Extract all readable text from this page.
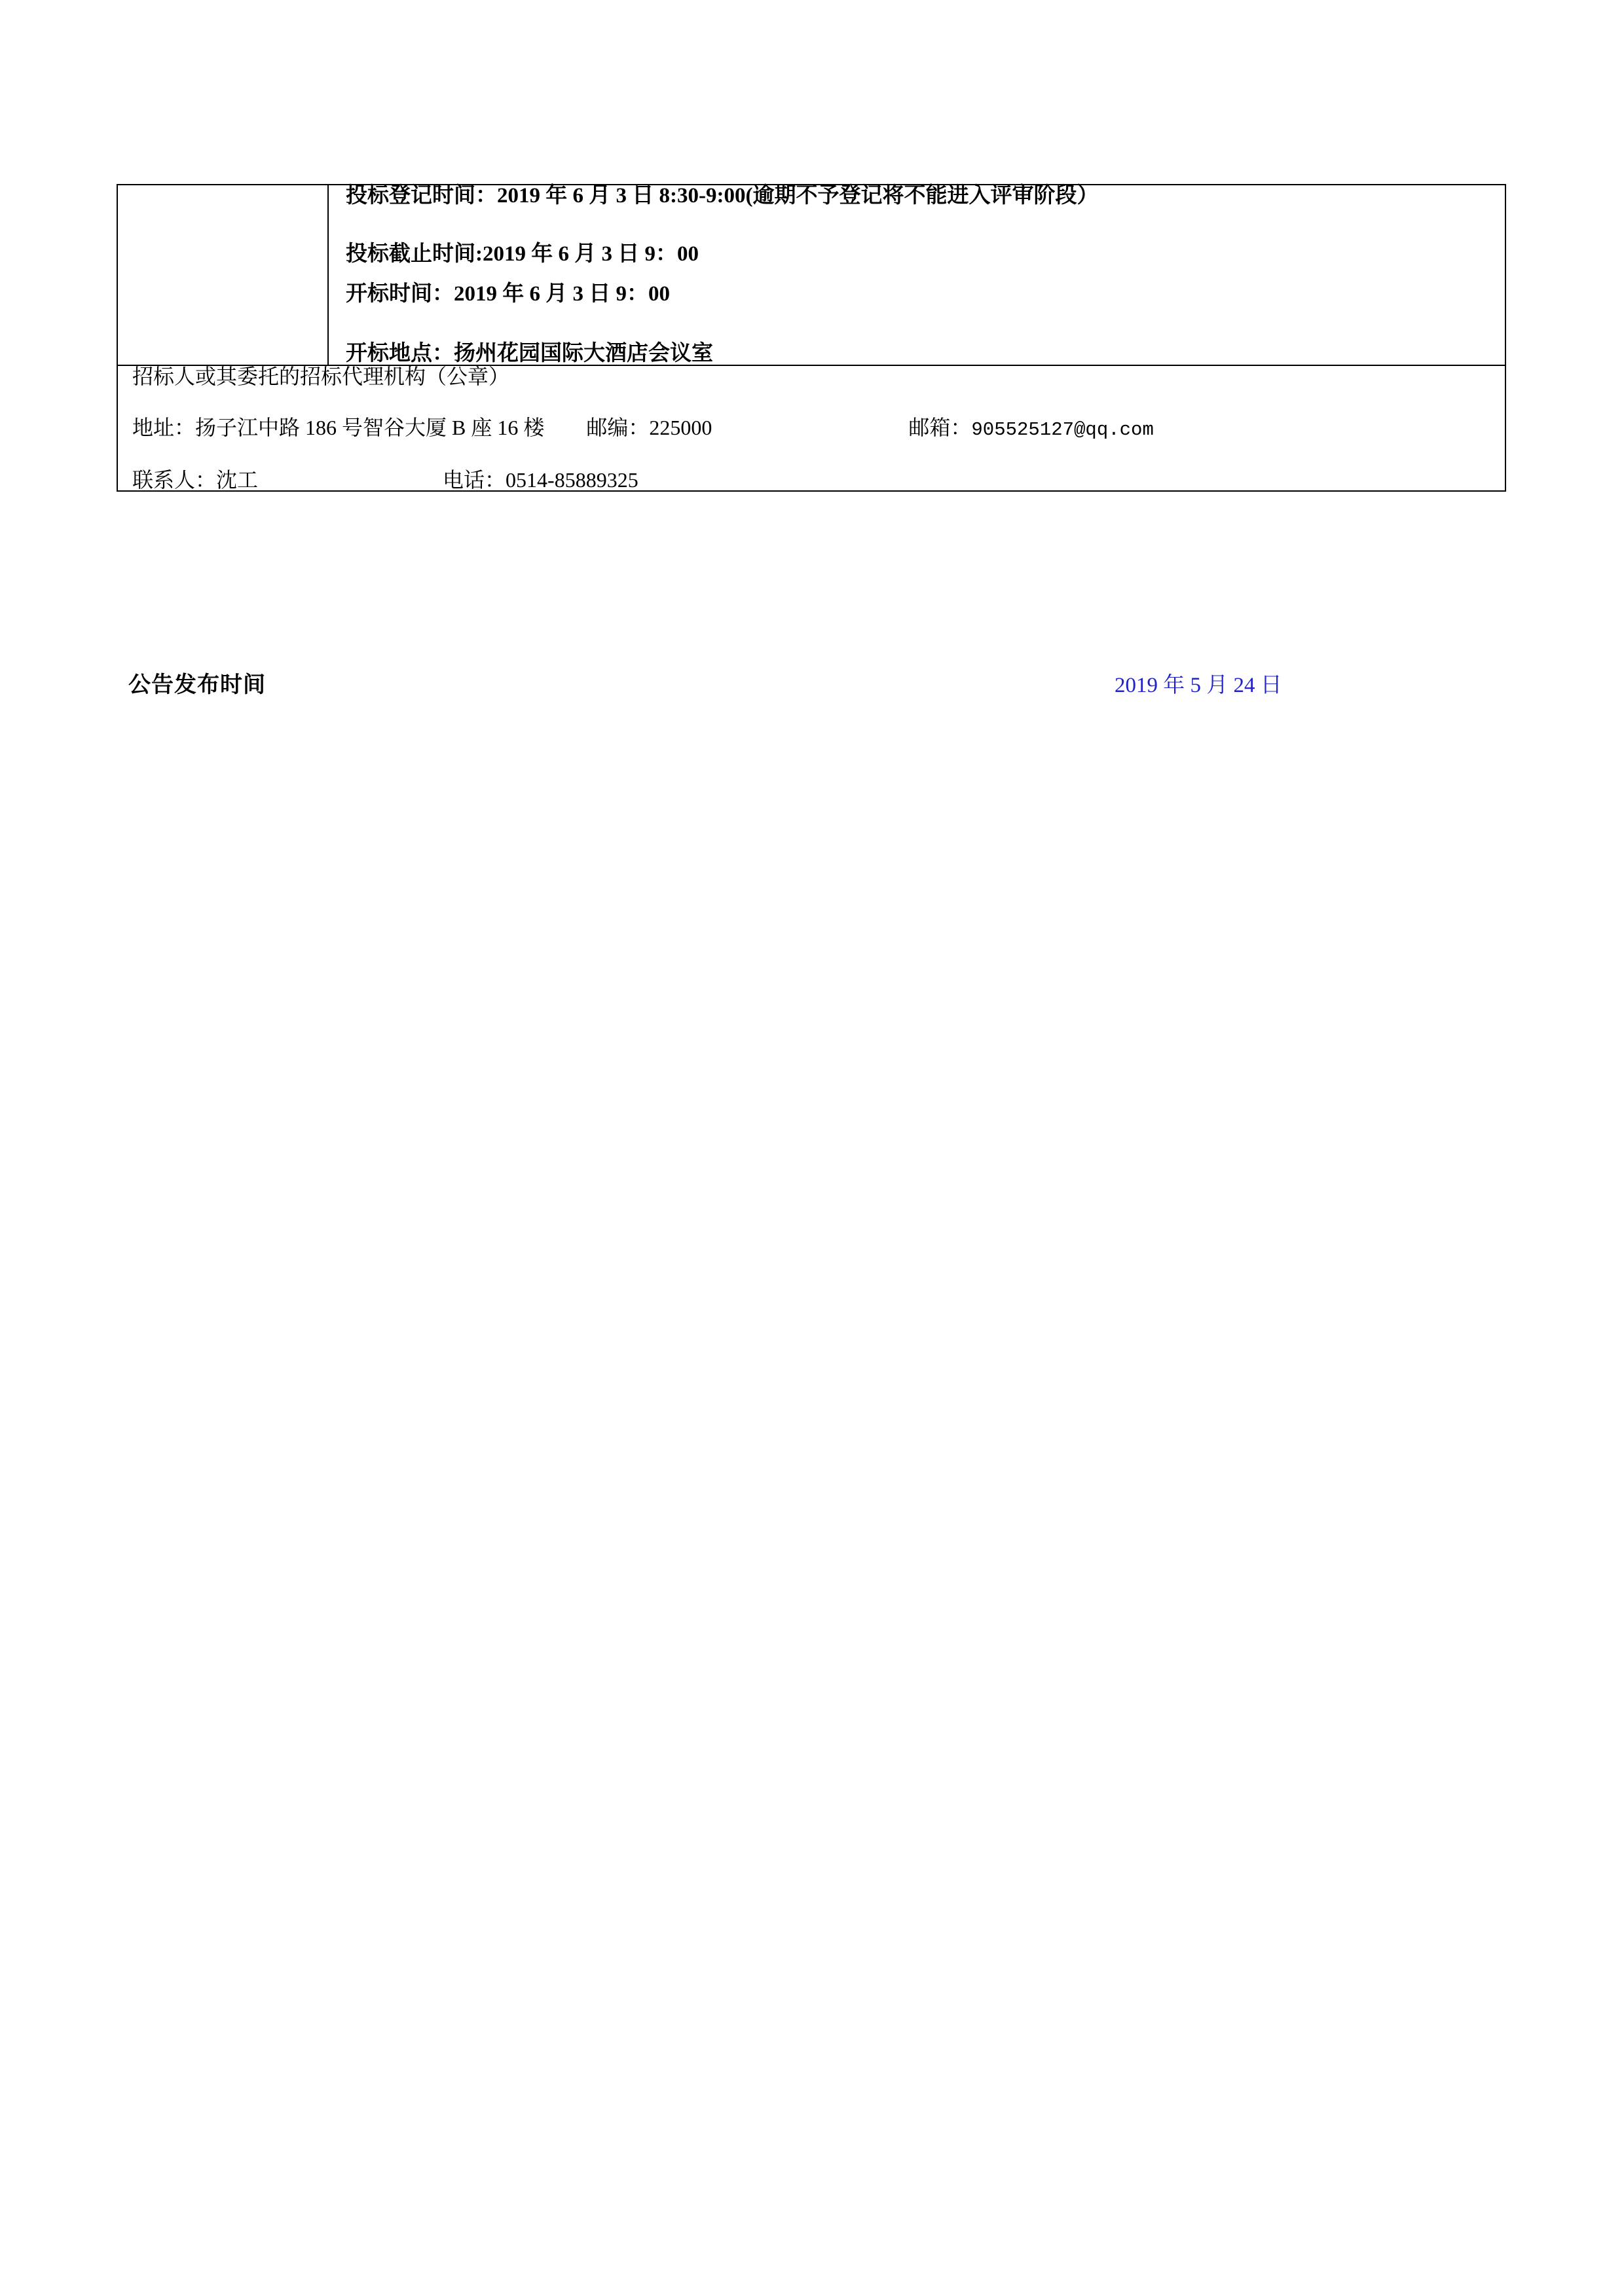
投标登记时间：2019 年 6 月 3 日 8:30-9:00(逾期不予登记将不能进入评审阶段）
投标截止时间:2019 年 6 月 3 日 9：00
开标时间：2019 年 6 月 3 日 9：00
开标地点：扬州花园国际大酒店会议室

招标人或其委托的招标代理机构（公章）
地址：扬子江中路 186 号智谷大厦 B 座 16 楼 邮编：225000	邮箱：905525127@qq.com
联系人：沈工	电话：0514-85889325
公告发布时间	2019 年 5 月 24 日
